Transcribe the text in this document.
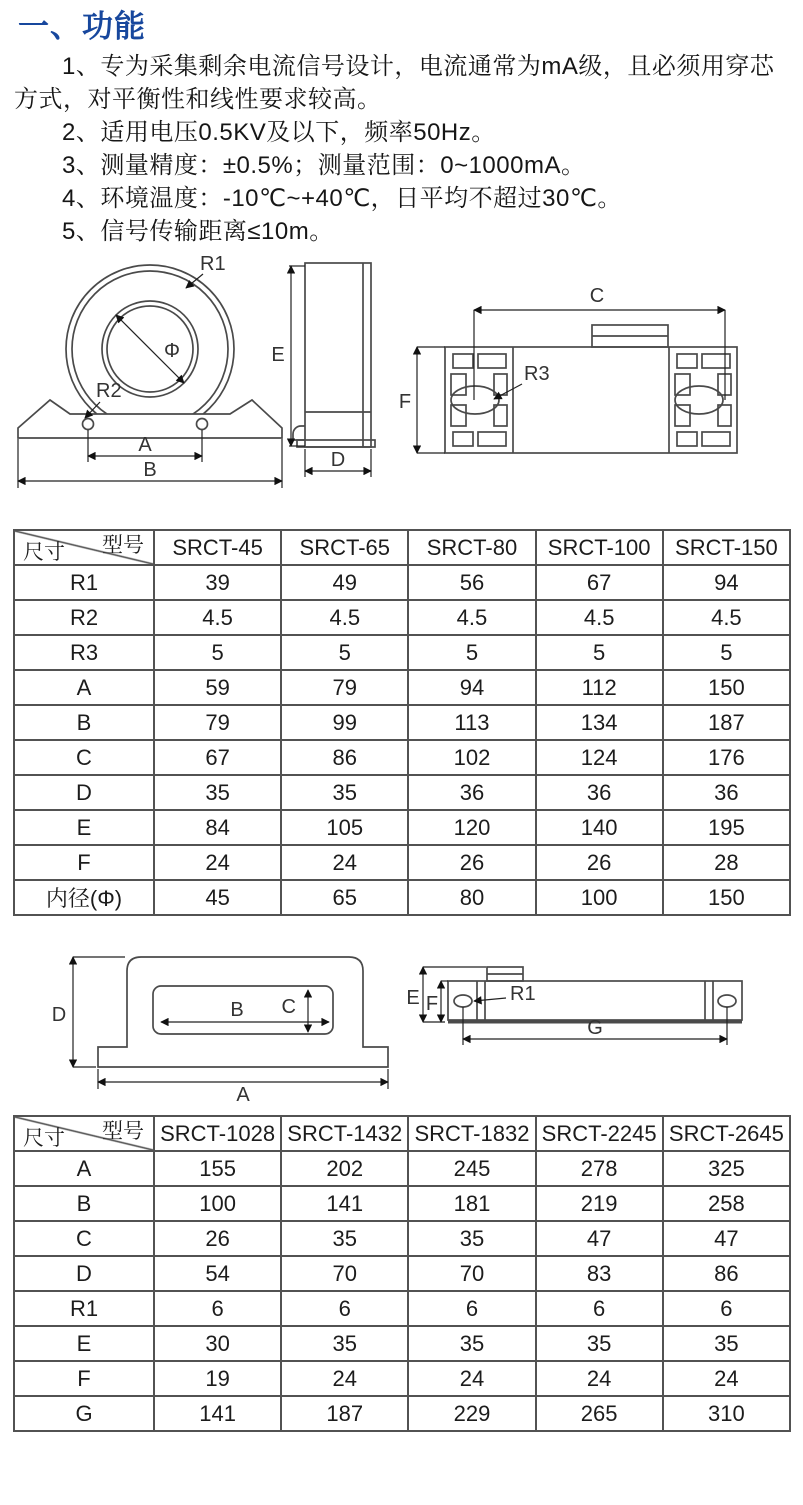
一、功能

1、专为采集剩余电流信号设计，电流通常为mA级，且必须用穿芯方式，对平衡性和线性要求较高。

2、适用电压0.5KV及以下，频率50Hz。

3、测量精度：±0.5%；测量范围：0~1000mA。

4、环境温度：-10℃~+40℃，日平均不超过30℃。

5、信号传输距离≤10m。

R1
Φ
R2
A
B
E
D
C
F
R3
尺寸 型号	SRCT-45	SRCT-65	SRCT-80	SRCT-100	SRCT-150
R1	39	49	56	67	94
R2	4.5	4.5	4.5	4.5	4.5
R3	5	5	5	5	5
A	59	79	94	112	150
B	79	99	113	134	187
C	67	86	102	124	176
D	35	35	36	36	36
E	84	105	120	140	195
F	24	24	26	26	28
内径(Φ)	45	65	80	100	150
D	B C
A
E F	R1
G
尺寸 型号	SRCT-1028	SRCT-1432	SRCT-1832	SRCT-2245	SRCT-2645
A	155	202	245	278	325
B	100	141	181	219	258
C	26	35	35	47	47
D	54	70	70	83	86
R1	6	6	6	6	6
E	30	35	35	35	35
F	19	24	24	24	24
G	141	187	229	265	310
